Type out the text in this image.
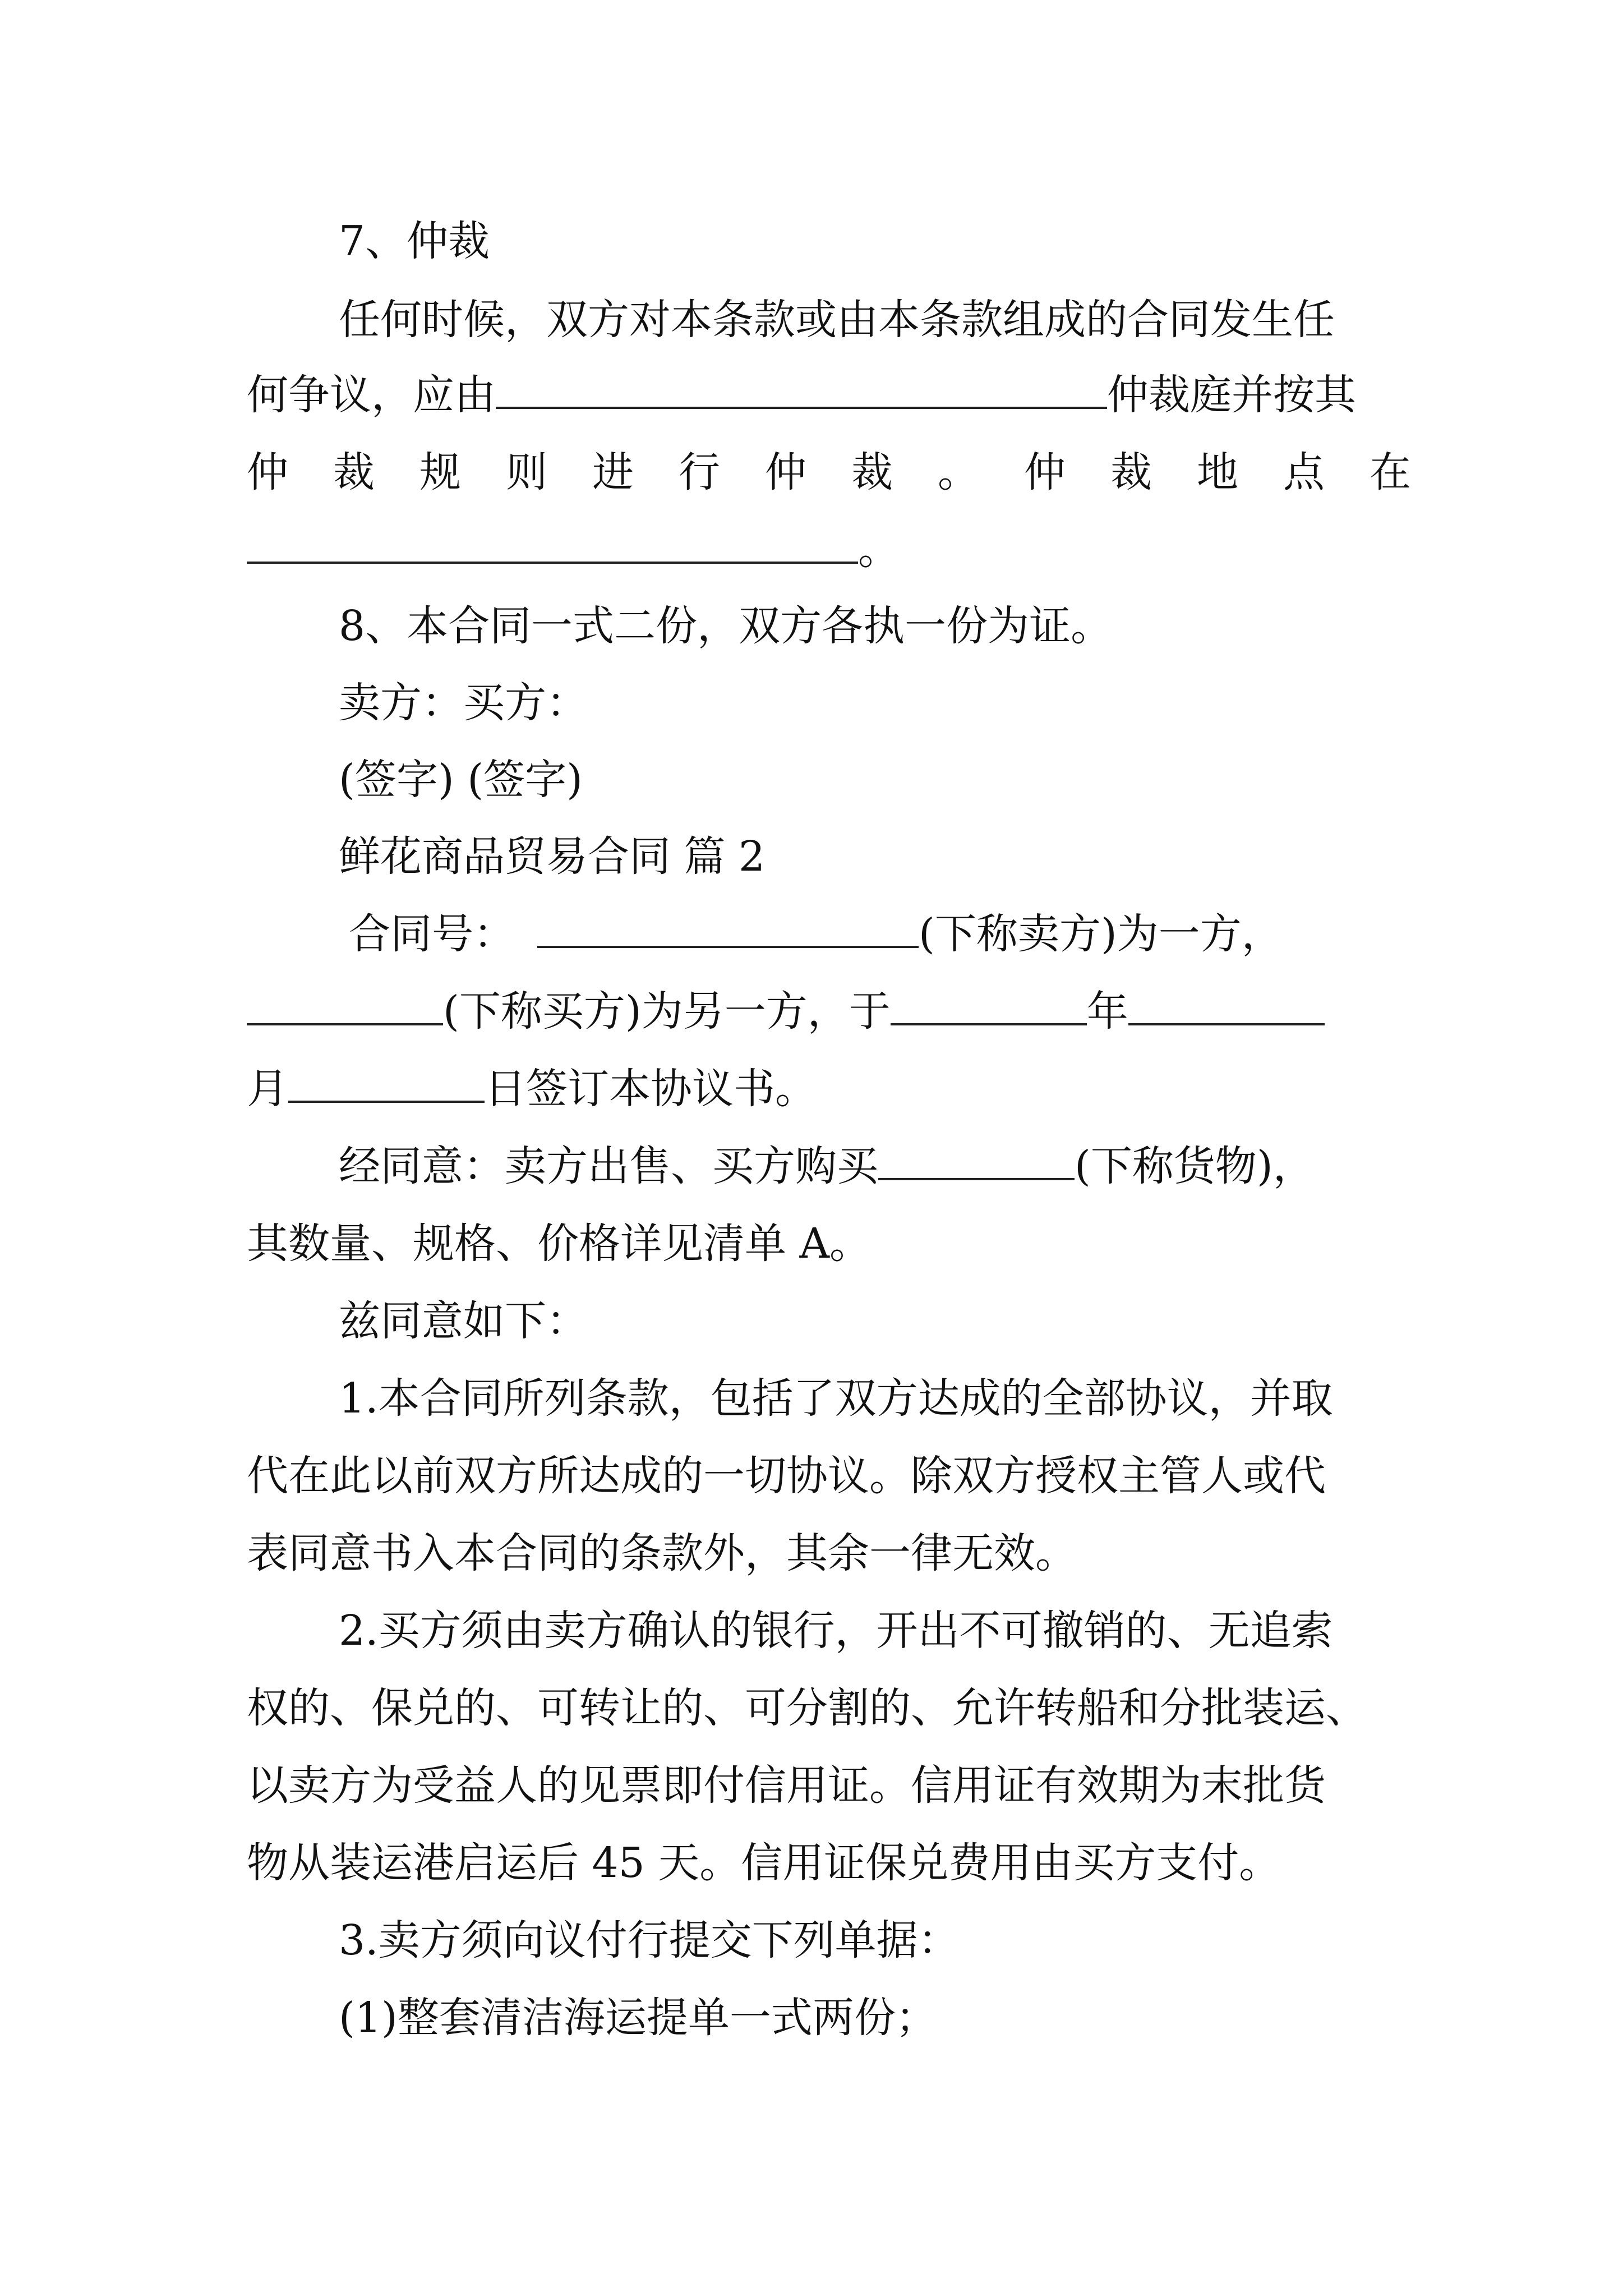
7、仲裁

任何时候，双方对本条款或由本条款组成的合同发生任

何争议，应由	仲裁庭并按其

仲裁规则进行仲裁。仲裁地点在

。

8、本合同一式二份，双方各执一份为证。

卖方：买方：

(签字) (签字)

鲜花商品贸易合同 篇 2

合同号：	(下称卖方)为一方，

(下称买方)为另一方，于	年

月	日签订本协议书。

经同意：卖方出售、买方购买	(下称货物)，

其数量、规格、价格详见清单 A。

兹同意如下：

1.本合同所列条款，包括了双方达成的全部协议，并取

代在此以前双方所达成的一切协议。除双方授权主管人或代

表同意书入本合同的条款外，其余一律无效。

2.买方须由卖方确认的银行，开出不可撤销的、无追索

权的、保兑的、可转让的、可分割的、允许转船和分批装运、

以卖方为受益人的见票即付信用证。信用证有效期为末批货

物从装运港启运后 45 天。信用证保兑费用由买方支付。

3.卖方须向议付行提交下列单据：

(1)整套清洁海运提单一式两份；
